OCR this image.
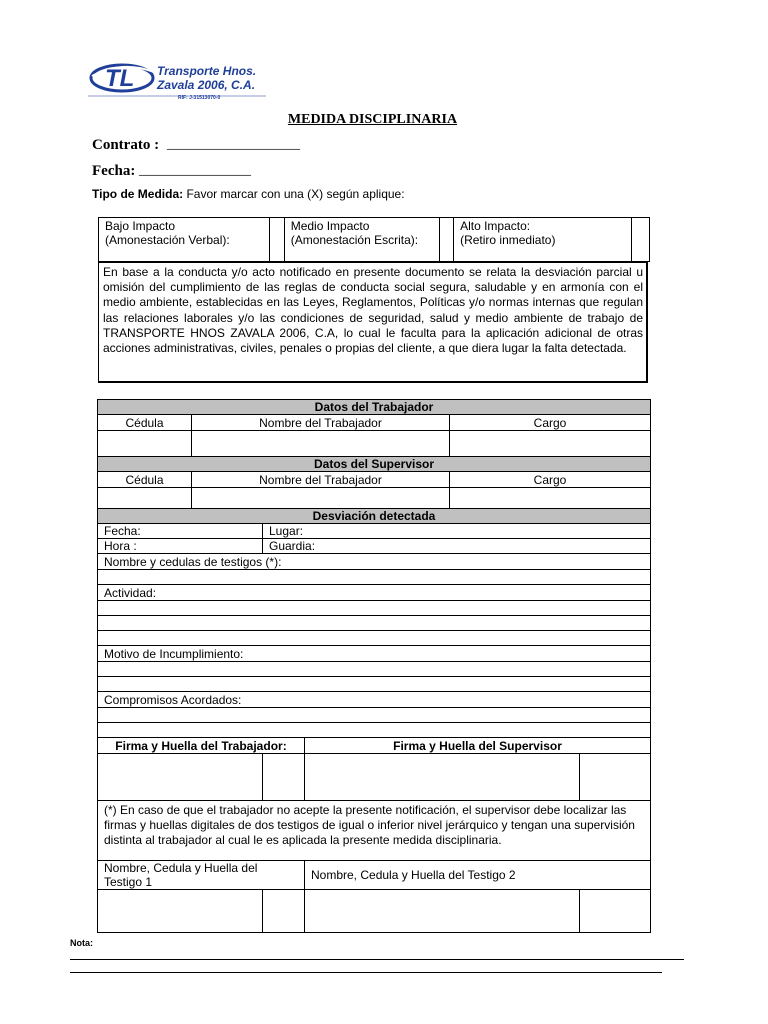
TL Transporte Hnos.
Zavala 2006, C.A.
RIF: J-31513070-0
MEDIDA DISCIPLINARIA
Contrato : ___________________
Fecha: ________________
Tipo de Medida: Favor marcar con una (X) según aplique:
Bajo Impacto
(Amonestación Verbal):

Medio Impacto
(Amonestación Escrita):

Alto Impacto:
(Retiro inmediato)

En base a la conducta y/o acto notificado en presente documento se relata la desviación parcial u omisión del cumplimiento de las reglas de conducta social segura, saludable y en armonía con el medio ambiente, establecidas en las Leyes, Reglamentos, Políticas y/o normas internas que regulan las relaciones laborales y/o las condiciones de seguridad, salud y medio ambiente de trabajo de TRANSPORTE HNOS ZAVALA 2006, C.A, lo cual le faculta para la aplicación adicional de otras acciones administrativas, civiles, penales o propias del cliente, a que diera lugar la falta detectada.
Datos del Trabajador					
Cédula	Nombre del Trabajador			Cargo	

Datos del Supervisor					
Cédula	Nombre del Trabajador			Cargo	

Desviación detectada					
Fecha:		Lugar:			
Hora :		Guardia:			
Nombre y cedulas de testigos (*):					

Actividad:					

Motivo de Incumplimiento:					

Compromisos Acordados:					

Firma y Huella del Trabajador:			Firma y Huella del Supervisor		

(*) En caso de que el trabajador no acepte la presente notificación, el supervisor debe localizar las firmas y huellas digitales de dos testigos de igual o inferior nivel jerárquico y tengan una supervisión distinta al trabajador al cual le es aplicada la presente medida disciplinaria.					
Nombre, Cedula y Huella del Testigo 1			Nombre, Cedula y Huella del Testigo 2		

Nota:
